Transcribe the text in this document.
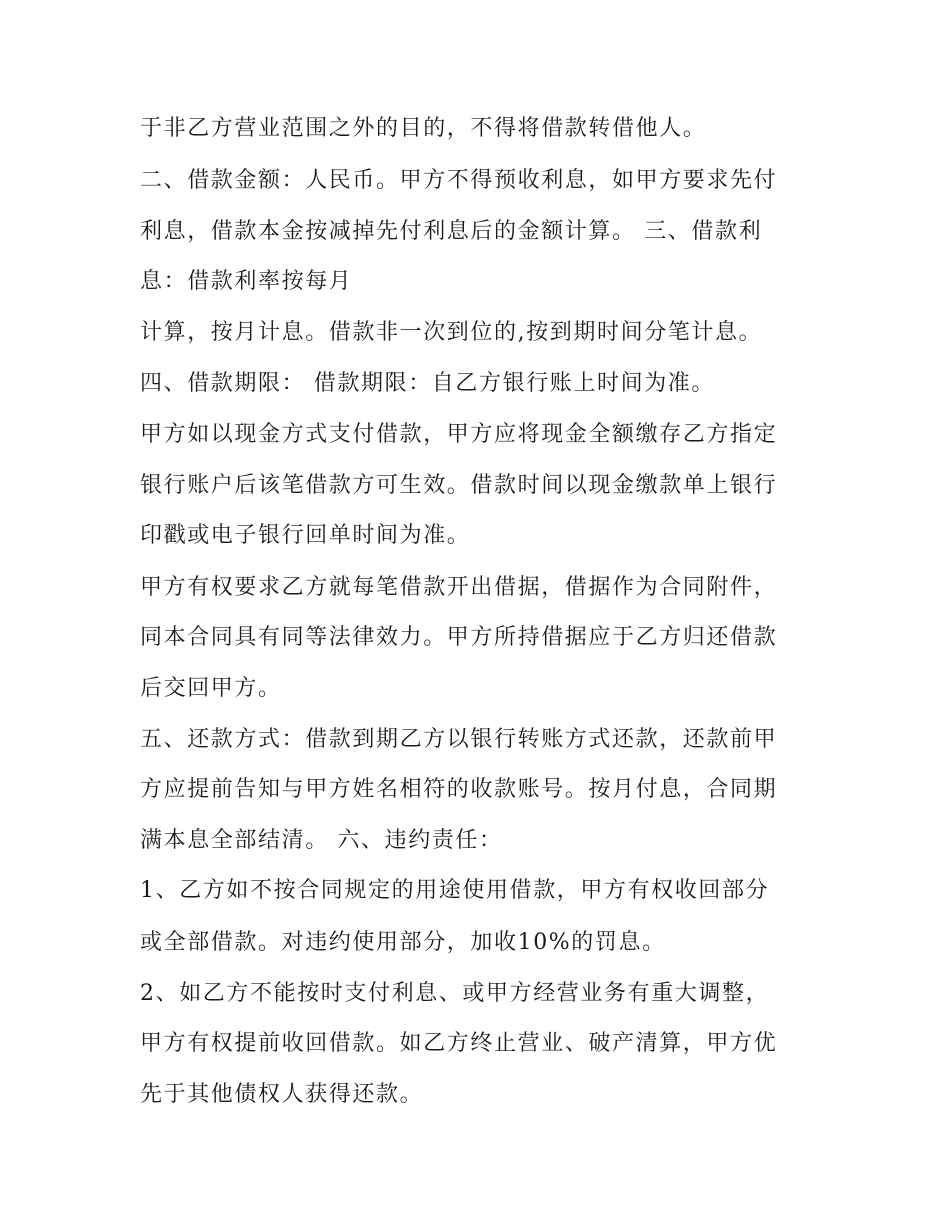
于非乙方营业范围之外的目的，不得将借款转借他人。
二、借款金额：人民币。甲方不得预收利息，如甲方要求先付
利息，借款本金按减掉先付利息后的金额计算。 三、借款利
息：借款利率按每月
计算，按月计息。借款非一次到位的,按到期时间分笔计息。
四、借款期限： 借款期限：自乙方银行账上时间为准。
甲方如以现金方式支付借款，甲方应将现金全额缴存乙方指定
银行账户后该笔借款方可生效。借款时间以现金缴款单上银行
印戳或电子银行回单时间为准。
甲方有权要求乙方就每笔借款开出借据，借据作为合同附件，
同本合同具有同等法律效力。甲方所持借据应于乙方归还借款
后交回甲方。
五、还款方式：借款到期乙方以银行转账方式还款，还款前甲
方应提前告知与甲方姓名相符的收款账号。按月付息，合同期
满本息全部结清。 六、违约责任：
1、乙方如不按合同规定的用途使用借款，甲方有权收回部分
或全部借款。对违约使用部分，加收10%的罚息。
2、如乙方不能按时支付利息、或甲方经营业务有重大调整，
甲方有权提前收回借款。如乙方终止营业、破产清算，甲方优
先于其他债权人获得还款。
